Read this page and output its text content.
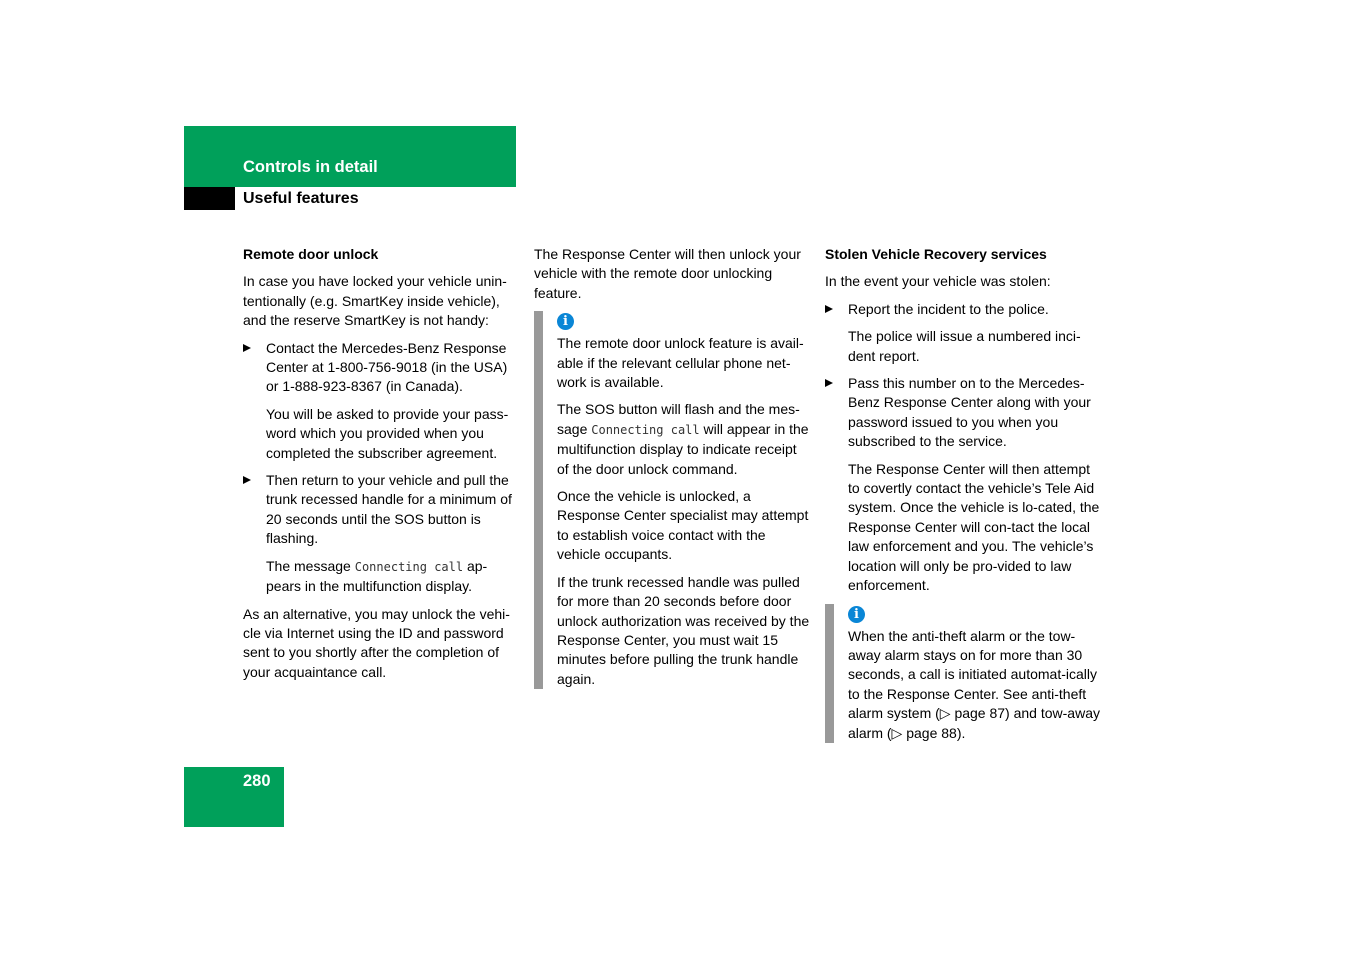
Controls in detail
Useful features
Remote door unlock

In case you have locked your vehicle unin-tentionally (e.g. SmartKey inside vehicle), and the reserve SmartKey is not handy:

Contact the Mercedes-Benz Response Center at 1-800-756-9018 (in the USA) or 1-888-923-8367 (in Canada).

You will be asked to provide your pass-word which you provided when you completed the subscriber agreement.

Then return to your vehicle and pull the trunk recessed handle for a minimum of 20 seconds until the SOS button is flashing.

The message Connecting call ap-pears in the multifunction display.

As an alternative, you may unlock the vehi-cle via Internet using the ID and password sent to you shortly after the completion of your acquaintance call.

The Response Center will then unlock your vehicle with the remote door unlocking feature.

i

The remote door unlock feature is avail-able if the relevant cellular phone net-work is available.

The SOS button will flash and the mes-sage Connecting call will appear in the multifunction display to indicate receipt of the door unlock command.

Once the vehicle is unlocked, a Response Center specialist may attempt to establish voice contact with the vehicle occupants.

If the trunk recessed handle was pulled for more than 20 seconds before door unlock authorization was received by the Response Center, you must wait 15 minutes before pulling the trunk handle again.

Stolen Vehicle Recovery services

In the event your vehicle was stolen:

Report the incident to the police.

The police will issue a numbered inci-dent report.

Pass this number on to the Mercedes-Benz Response Center along with your password issued to you when you subscribed to the service.

The Response Center will then attempt to covertly contact the vehicle’s Tele Aid system. Once the vehicle is lo-cated, the Response Center will con-tact the local law enforcement and you. The vehicle’s location will only be pro-vided to law enforcement.

i

When the anti-theft alarm or the tow-away alarm stays on for more than 30 seconds, a call is initiated automat-ically to the Response Center. See anti-theft alarm system (▷ page 87) and tow-away alarm (▷ page 88).

280
